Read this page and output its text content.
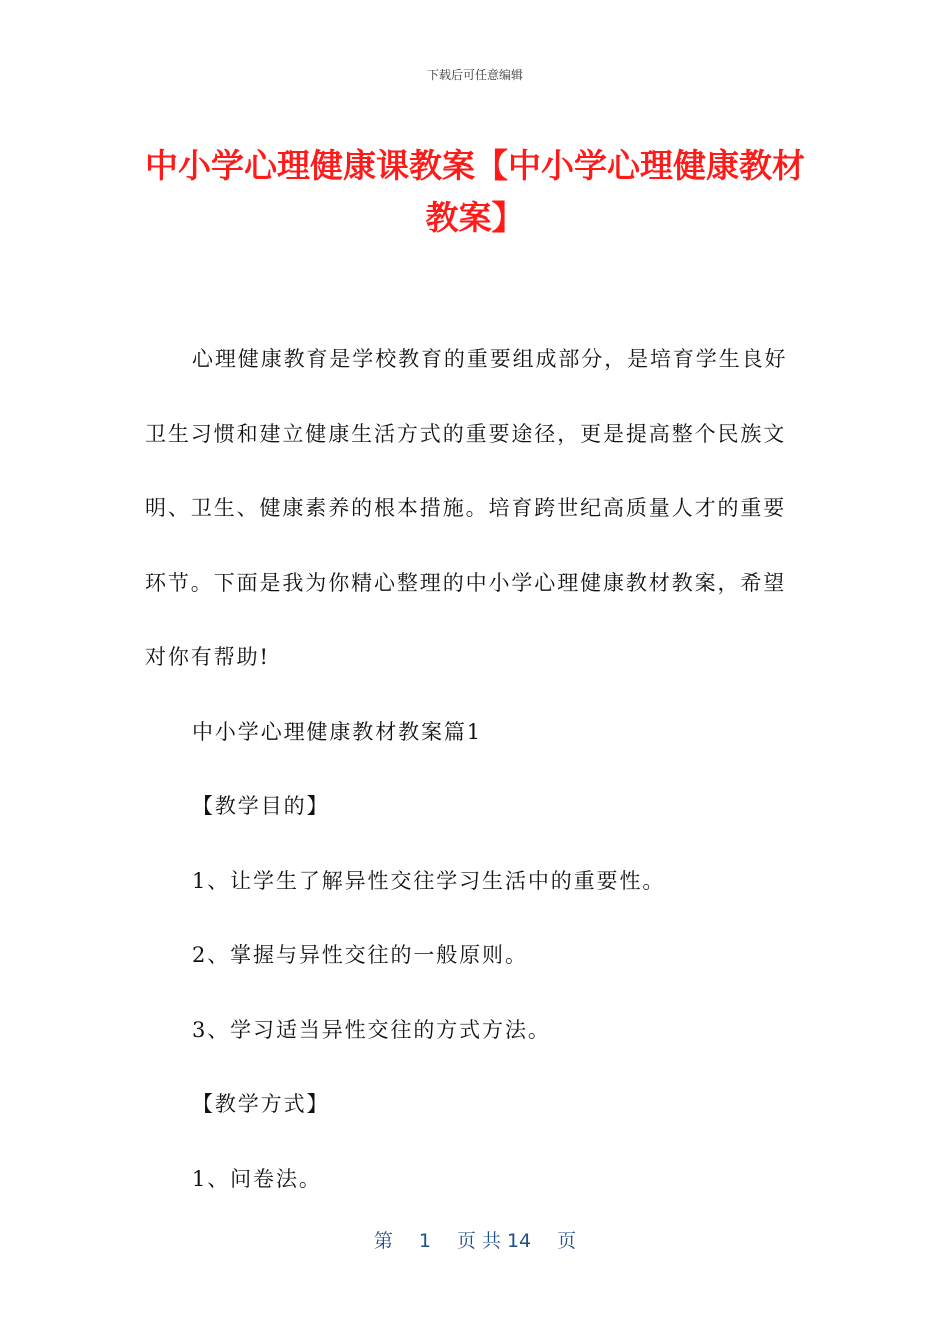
下载后可任意编辑
中小学心理健康课教案【中小学心理健康教材教案】

心理健康教育是学校教育的重要组成部分，是培育学生良好卫生习惯和建立健康生活方式的重要途径，更是提高整个民族文明、卫生、健康素养的根本措施。培育跨世纪高质量人才的重要环节。下面是我为你精心整理的中小学心理健康教材教案，希望对你有帮助!

中小学心理健康教材教案篇1

【教学目的】

1、让学生了解异性交往学习生活中的重要性。

2、掌握与异性交往的一般原则。

3、学习适当异性交往的方式方法。

【教学方式】

1、问卷法。

第 1 页 共 14 页
